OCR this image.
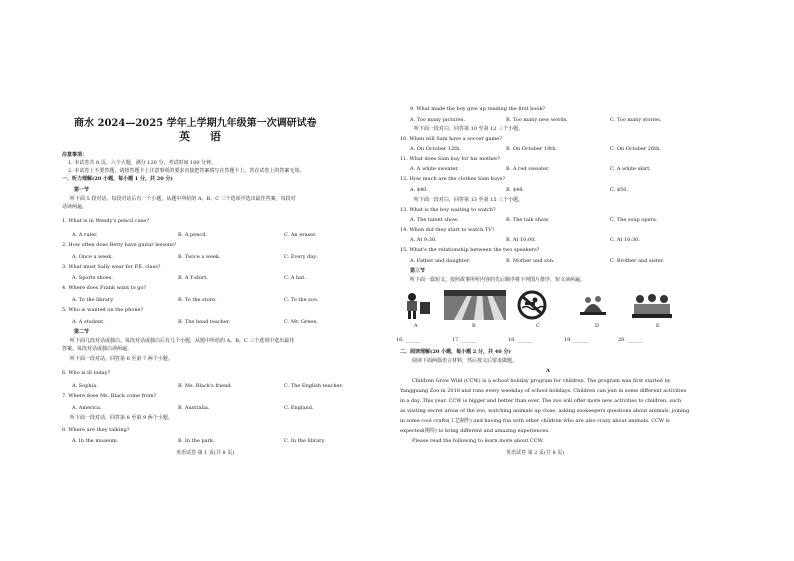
商水 2024—2025 学年上学期九年级第一次调研试卷
英 语
注意事项：
1. 本试卷共 8 页，六个大题，满分 120 分，考试时间 100 分钟。
2. 本试卷上不要答题，请按答题卡上注意事项的要求直接把答案填写在答题卡上。答在试卷上的答案无效。
一、听力理解(20 小题，每小题 1 分，共 20 分)
第一节
听下面 5 段对话。每段对话后有一个小题，从题中所给的 A、B、C 三个选项中选出最佳答案。每段对
话读两遍。
1. What is in Wendy's pencil case?
A. A ruler.	B. A pencil.	C. An eraser.
2. How often does Betty have guitar lessons?
A. Once a week.	B. Twice a week.	C. Every day.
3. What must Sally wear for P.E. class?
A. Sports shoes.	B. A T-shirt.	C. A hat.
4. Where does Frank want to go?
A. To the library.	B. To the store.	C. To the zoo.
5. Who is wanted on the phone?
A. A student.	B. The head teacher.	C. Mr. Green.
第二节
听下面几段对话或独白。每段对话或独白后有几个小题，从题中所给的 A、B、C 三个选项中选出最佳
答案。每段对话或独白读两遍。
听下面一段对话，回答第 6 至第 7 两个小题。
6. Who is ill today?
A. Sophia.	B. Ms. Black's friend.	C. The English teacher.
7. Where does Ms. Black come from?
A. America.	B. Australia.	C. England.
听下面一段对话，回答第 8 至第 9 两个小题。
8. Where are they talking?
A. In the museum.	B. In the park.	C. In the library.
英语试卷 第 1 页(共 8 页)
9. What made the boy give up reading the first book?
A. Too many pictures.	B. Too many new words.	C. Too many stories.
听下面一段对白，回答第 10 至第 12 三个小题。
10. When will Sam have a soccer game?
A. On October 12th.	B. On October 19th.	C. On October 26th.
11. What does Sam buy for his mother?
A. A white sweater.	B. A red sweater.	C. A white skirt.
12. How much are the clothes Sam buys?
A. $40.	B. $48.	C. $50.
听下面一段对白，回答第 13 至第 15 三个小题。
13. What is the boy waiting to watch?
A. The talent show.	B. The talk show.	C. The soap opera.
14. When did they start to watch TV?
A. At 9:30.	B. At 10:00.	C. At 10:30.
15. What's the relationship between the two speakers?
A. Father and daughter.	B. Mother and son.	C. Brother and sister.
第三节
听下面一篇短文。按照故事所听内容的先后顺序将下列图片排序，短文读两遍。
A	B	C	D	E
16. ______	17. ______	18. ______	19. ______	20. ______
二、阅读理解(20 小题，每小题 2 分，共 40 分)
阅读下面两篇语言材料，然后按文后要求做题。
A
Children Grow Wild (CCW) is a school holiday program for children. The program was first started by
Yangguang Zoo in 2018 and runs every weekday of school holidays. Children can join in some different activities
in a day. This year, CCW is bigger and better than ever. The zoo will offer more new activities to children, such
as visiting secret areas of the zoo, watching animals up close, asking zookeepers questions about animals, joining
in some cool crafts(工艺制作) and having fun with other children who are also crazy about animals. CCW is
expected(期待) to bring different and amazing experiences.
Please read the following to learn more about CCW.
英语试卷 第 2 页(共 8 页)
